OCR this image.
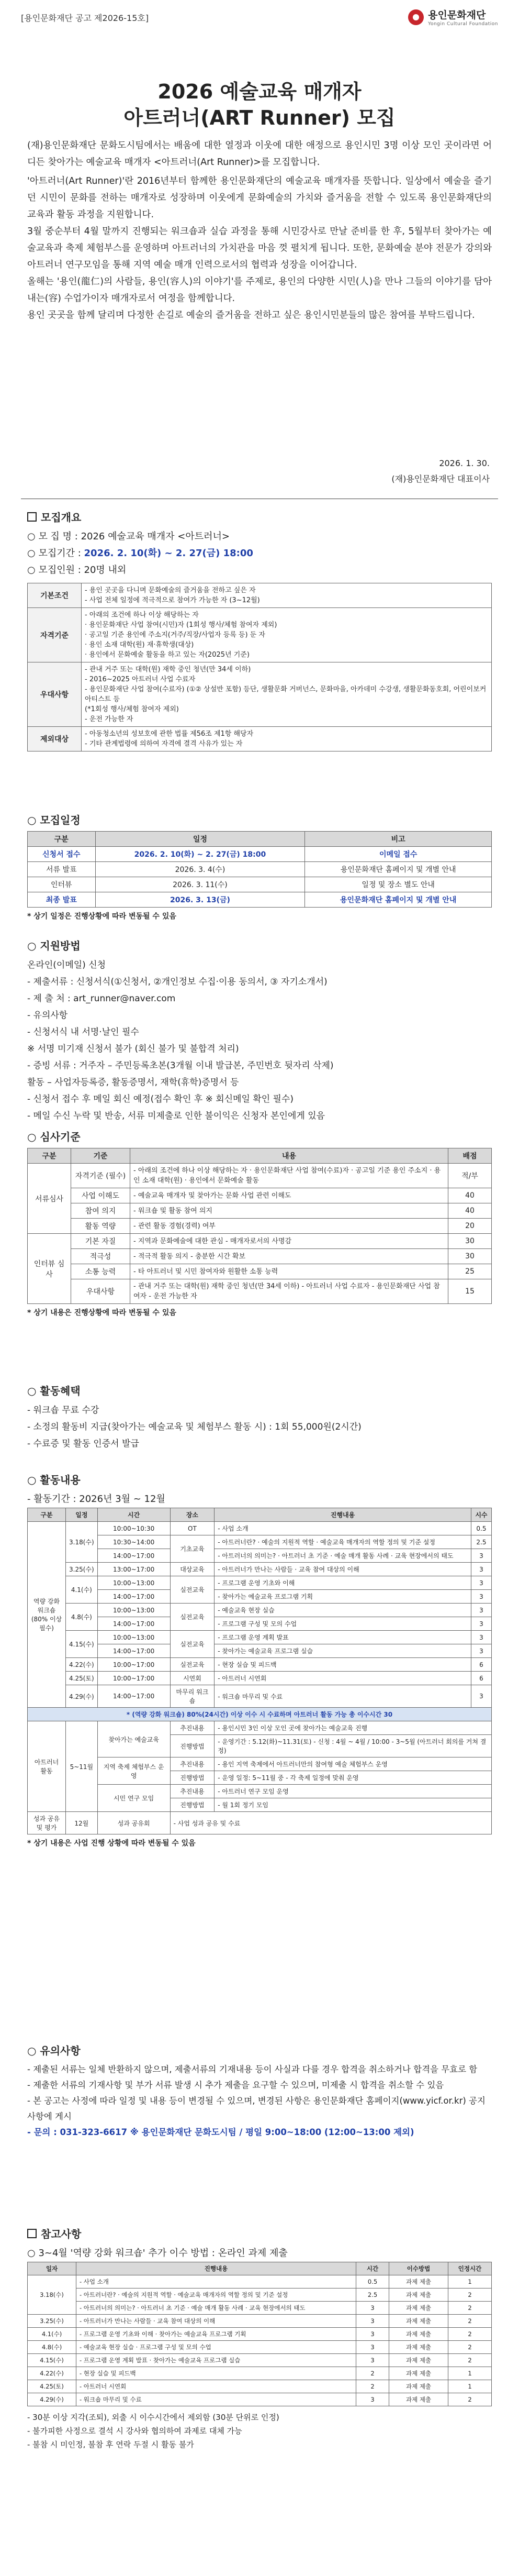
[용인문화재단 공고 제2026-15호]	용인문화재단
Yongin Cultural Foundation
2026 예술교육 매개자
아트러너(ART Runner) 모집

(재)용인문화재단 문화도시팀에서는 배움에 대한 열정과 이웃에 대한 애정으로 용인시민 3명 이상 모인 곳이라면 어디든 찾아가는 예술교육 매개자 <아트러너(Art Runner)>를 모집합니다.

'아트러너(Art Runner)'란 2016년부터 함께한 용인문화재단의 예술교육 매개자를 뜻합니다. 일상에서 예술을 즐기던 시민이 문화를 전하는 매개자로 성장하며 이웃에게 문화예술의 가치와 즐거움을 전할 수 있도록 용인문화재단의 교육과 활동 과정을 지원합니다.

3월 중순부터 4월 말까지 진행되는 워크숍과 실습 과정을 통해 시민강사로 만날 준비를 한 후, 5월부터 찾아가는 예술교육과 축제 체험부스를 운영하며 아트러너의 가치관을 마음 껏 펼치게 됩니다. 또한, 문화예술 분야 전문가 강의와 아트러너 연구모임을 통해 지역 예술 매개 인력으로서의 협력과 성장을 이어갑니다.

올해는 '용인(龍仁)의 사람들, 용인(容人)의 이야기'를 주제로, 용인의 다양한 시민(人)을 만나 그들의 이야기를 담아내는(容) 수업가이자 매개자로서 여정을 함께합니다.

용인 곳곳을 함께 달리며 다정한 손길로 예술의 즐거움을 전하고 싶은 용인시민분들의 많은 참여를 부탁드립니다.

2026. 1. 30.
(재)용인문화재단 대표이사
모집개요
○ 모 집 명 : 2026 예술교육 매개자 <아트러너>
○ 모집기간 : 2026. 2. 10(화) ~ 2. 27(금) 18:00
○ 모집인원 : 20명 내외
기본조건	- 용인 곳곳을 다니며 문화예술의 즐거움을 전하고 싶은 자
- 사업 전체 일정에 적극적으로 참여가 가능한 자 (3~12월)

자격기준	- 아래의 조건에 하나 이상 해당하는 자
· 용인문화재단 사업 참여(시민)자 (1회성 행사/체험 참여자 제외)
· 공고일 기준 용인에 주소지(거주/직장/사업자 등록 등) 둔 자
· 용인 소재 대학(원) 재·휴학생(대상)
· 용인에서 문화예술 활동을 하고 있는 자(2025년 기준)

우대사항	- 관내 거주 또는 대학(원) 재학 중인 청년(만 34세 이하)
- 2016~2025 아트러너 사업 수료자
- 용인문화재단 사업 참여(수료자) (①② 상설반 포함) 등단, 생활문화 거버넌스, 문화마을, 아카데미 수강생, 생활문화동호회, 어린이보커 아티스트 등
(*1회성 행사/체험 참여자 제외)
- 운전 가능한 자

제외대상	- 아동청소년의 성보호에 관한 법률 제56조 제1항 해당자
- 기타 관계법령에 의하여 자격에 결격 사유가 있는 자
○ 모집일정
구분	일정	비고
신청서 접수	2026. 2. 10(화) ~ 2. 27(금) 18:00	이메일 접수
서류 발표	2026. 3. 4(수)	용인문화재단 홈페이지 및 개별 안내
인터뷰	2026. 3. 11(수)	일정 및 장소 별도 안내
최종 발표	2026. 3. 13(금)	용인문화재단 홈페이지 및 개별 안내
* 상기 일정은 진행상황에 따라 변동될 수 있음
○ 지원방법
온라인(이메일) 신청
- 제출서류 : 신청서식(①신청서, ②개인정보 수집·이용 동의서, ③ 자기소개서)
- 제 출 처 : art_runner@naver.com
- 유의사항
- 신청서식 내 서명·날인 필수
※ 서명 미기재 신청서 불가 (회신 불가 및 불합격 처리)
- 증빙 서류 : 거주자 – 주민등록초본(3개월 이내 발급본, 주민번호 뒷자리 삭제)
활동 – 사업자등록증, 활동증명서, 재학(휴학)증명서 등
- 신청서 접수 후 메일 회신 예정(접수 확인 후 ※ 회신메일 확인 필수)
- 메일 수신 누락 및 반송, 서류 미제출로 인한 불이익은 신청자 본인에게 있음
○ 심사기준
구분	기준	내용	배점
서류심사	자격기준 (필수)	- 아래의 조건에 하나 이상 해당하는 자 · 용인문화재단 사업 참여(수료)자 · 공고일 기준 용인 주소지 · 용인 소재 대학(원) · 용인에서 문화예술 활동	적/부
	사업 이해도	- 예술교육 매개자 및 찾아가는 문화 사업 관련 이해도	40
	참여 의지	- 워크숍 및 활동 참여 의지	40
	활동 역량	- 관련 활동 경험(경력) 여부	20
인터뷰 심사	기본 자질	- 지역과 문화예술에 대한 관심 - 매개자로서의 사명감	30
	적극성	- 적극적 활동 의지 - 충분한 시간 확보	30
	소통 능력	- 타 아트러너 및 시민 참여자와 원활한 소통 능력	25
	우대사항	- 관내 거주 또는 대학(원) 재학 중인 청년(만 34세 이하) - 아트러너 사업 수료자 - 용인문화재단 사업 참여자 - 운전 가능한 자	15
* 상기 내용은 진행상황에 따라 변동될 수 있음
○ 활동혜택
- 워크숍 무료 수강
- 소정의 활동비 지급(찾아가는 예술교육 및 체험부스 활동 시) : 1회 55,000원(2시간)
- 수료증 및 활동 인증서 발급
○ 활동내용
- 활동기간 : 2026년 3월 ~ 12월
구분	일정	시간	장소	진행내용	시수
역량 강화 워크숍 (80% 이상 필수)	3.18(수)	10:00~10:30	OT	- 사업 소개	0.5
		10:30~14:00	기초교육	- 아트러너란? · 예술의 지원적 역할 · 예술교육 매개자의 역할 정의 및 기준 설정	2.5
		14:00~17:00		- 아트러너의 의미는? · 아트러너 초 기준 · 예술 매개 활동 사례 · 교육 현장에서의 태도	3
	3.25(수)	13:00~17:00	대상교육	- 아트러너가 만나는 사람들 · 교육 참여 대상의 이해	3
	4.1(수)	10:00~13:00	실전교육	- 프로그램 운영 기초와 이해	3
		14:00~17:00		- 찾아가는 예술교육 프로그램 기획	3
	4.8(수)	10:00~13:00	실전교육	- 예술교육 현장 실습	3
		14:00~17:00		- 프로그램 구성 및 모의 수업	3
	4.15(수)	10:00~13:00	실전교육	- 프로그램 운영 계획 발표	3
		14:00~17:00		- 찾아가는 예술교육 프로그램 실습	3
	4.22(수)	10:00~17:00	실전교육	- 현장 실습 및 피드백	6
	4.25(토)	10:00~17:00	시연회	- 아트러너 시연회	6
	4.29(수)	14:00~17:00	마무리 워크숍	- 워크숍 마무리 및 수료	3
* (역량 강화 워크숍) 80%(24시간) 이상 이수 시 수료하며 아트러너 활동 가능 총 이수시간 30					
아트러너 활동	5~11월	찾아가는 예술교육	추진내용	- 용인시민 3인 이상 모인 곳에 찾아가는 예술교육 진행	
			진행방법	- 운영기간 : 5.12(화)~11.31(토) - 신청 : 4월 ~ 4월 / 10:00 - 3~5월 (아트러너 회의를 거쳐 결정)	
		지역 축제 체험부스 운영	추진내용	- 용인 지역 축제에서 아트러너만의 참여형 예술 체험부스 운영	
			진행방법	- 운영 일정: 5~11월 중 - 각 축제 일정에 맞춰 운영	
		시민 연구 모임	추진내용	- 아트러너 연구 모임 운영	
			진행방법	- 월 1회 정기 모임	
성과 공유 및 평가	12월	성과 공유회	- 사업 성과 공유 및 수료		
* 상기 내용은 사업 진행 상황에 따라 변동될 수 있음
○ 유의사항
- 제출된 서류는 일체 반환하지 않으며, 제출서류의 기재내용 등이 사실과 다를 경우 합격을 취소하거나 합격을 무효로 함
- 제출한 서류의 기재사항 및 부가 서류 발생 시 추가 제출을 요구할 수 있으며, 미제출 시 합격을 취소할 수 있음
- 본 공고는 사정에 따라 일정 및 내용 등이 변경될 수 있으며, 변경된 사항은 용인문화재단 홈페이지(www.yicf.or.kr) 공지사항에 게시
- 문의 : 031-323-6617 ※ 용인문화재단 문화도시팀 / 평일 9:00~18:00 (12:00~13:00 제외)
참고사항
○ 3~4월 '역량 강화 워크숍' 추가 이수 방법 : 온라인 과제 제출
일자	진행내용	시간	이수방법	인정시간
3.18(수)	- 사업 소개	0.5	과제 제출	1
	- 아트러너란? · 예술의 지원적 역할 · 예술교육 매개자의 역할 정의 및 기준 설정	2.5	과제 제출	2
	- 아트러너의 의미는? · 아트러너 초 기준 · 예술 매개 활동 사례 · 교육 현장에서의 태도	3	과제 제출	2
3.25(수)	- 아트러너가 만나는 사람들 · 교육 참여 대상의 이해	3	과제 제출	2
4.1(수)	- 프로그램 운영 기초와 이해 · 찾아가는 예술교육 프로그램 기획	3	과제 제출	2
4.8(수)	- 예술교육 현장 실습 · 프로그램 구성 및 모의 수업	3	과제 제출	2
4.15(수)	- 프로그램 운영 계획 발표 · 찾아가는 예술교육 프로그램 실습	3	과제 제출	2
4.22(수)	- 현장 실습 및 피드백	2	과제 제출	1
4.25(토)	- 아트러너 시연회	2	과제 제출	1
4.29(수)	- 워크숍 마무리 및 수료	3	과제 제출	2
- 30분 이상 지각(조퇴), 외출 시 이수시간에서 제외함 (30분 단위로 인정)
- 불가피한 사정으로 결석 시 강사와 협의하여 과제로 대체 가능
- 불참 시 미인정, 불참 후 연락 두절 시 활동 불가
